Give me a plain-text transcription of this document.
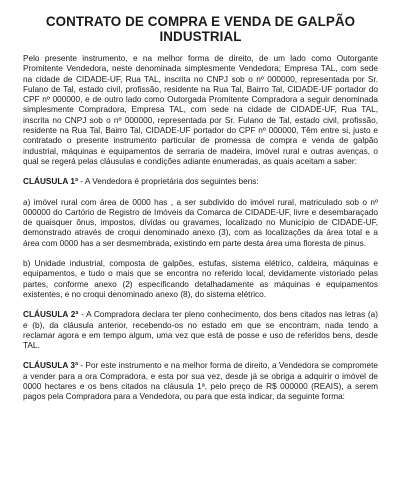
CONTRATO DE COMPRA E VENDA DE GALPÃO INDUSTRIAL

Pelo presente instrumento, e na melhor forma de direito, de um lado como Outorgante Promitente Vendedora, neste denominada simplesmente Vendedora; Empresa TAL, com sede na cidade de CIDADE-UF, Rua TAL, inscrita no CNPJ sob o nº 000000, representada por Sr. Fulano de Tal, estado civil, profissão, residente na Rua Tal, Bairro Tal, CIDADE-UF portador do CPF nº 000000, e de outro lado como Outorgada Promitente Compradora a seguir denominada simplesmente Compradora, Empresa TAL, com sede na cidade de CIDADE-UF, Rua TAL, inscrita no CNPJ sob o nº 000000, representada por Sr. Fulano de Tal, estado civil, profissão, residente na Rua Tal, Bairro Tal, CIDADE-UF portador do CPF nº 000000, Têm entre si, justo e contratado o presente instrumento particular de promessa de compra e venda de galpão industrial, máquinas e equipamentos de serraria de madeira, imóvel rural e outras avenças, o qual se regerá pelas cláusulas e condições adiante enumeradas, as quais aceitam a saber:

CLÁUSULA 1ª - A Vendedora é proprietária dos seguintes bens:

a) imóvel rural com área de 0000 has , a ser subdivido do imóvel rural, matriculado sob o nº 000000 do Cartório de Registro de Imóveis da Comarca de CIDADE-UF, livre e desembaraçado de quaisquer ônus, impostos, dívidas ou gravames, localizado no Município de CIDADE-UF, demonstrado através de croqui denominado anexo (3), com as localizações da área total e a área com 0000 has a ser desmembrada, existindo em parte desta área uma floresta de pinus.

b) Unidade industrial, composta de galpões, estufas, sistema elétrico, caldeira, máquinas e equipamentos, e tudo o mais que se encontra no referido local, devidamente vistoriado pelas partes, conforme anexo (2) especificando detalhadamente as máquinas e equipamentos existentes, e no croqui denominado anexo (8), do sistema elétrico.

CLÁUSULA 2ª - A Compradora declara ter pleno conhecimento, dos bens citados nas letras (a) e (b), da cláusula anterior, recebendo-os no estado em que se encontram, nada tendo a reclamar agora e em tempo algum, uma vez que está de posse e uso de referidos bens, desde TAL.

CLÁUSULA 3ª - Por este instrumento e na melhor forma de direito, a Vendedora se compromete a vender para a ora Compradora, e esta por sua vez, desde já se obriga a adquirir o imóvel de 0000 hectares e os bens citados na cláusula 1ª, pelo preço de R$ 000000 (REAIS), a serem pagos pela Compradora para a Vendedora, ou para que esta indicar, da seguinte forma:
